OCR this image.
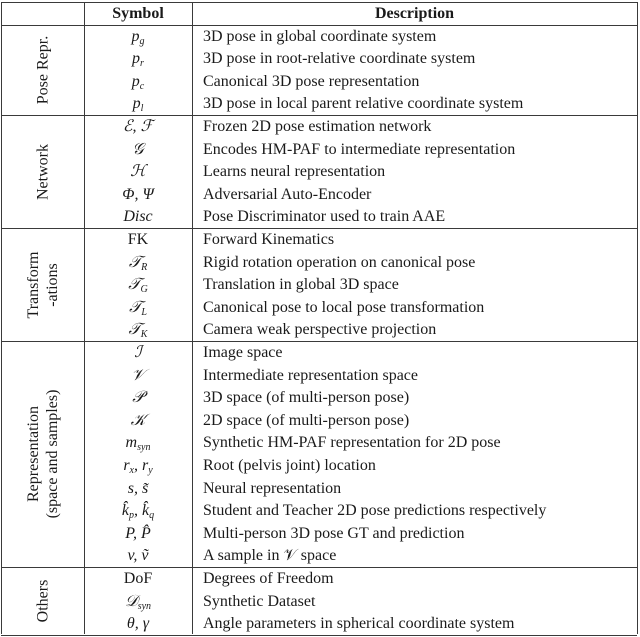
Symbol	Description
Pose Repr.	$p_g$	3D pose in global coordinate system
$p_r$	3D pose in root-relative coordinate system
$p_c$	Canonical 3D pose representation
$p_l$	3D pose in local parent relative coordinate system
Network
ℰ, ℱ	Frozen 2D pose estimation network
𝒢	Encodes HM-PAF to intermediate representation
ℋ	Learns neural representation
Φ, Ψ	Adversarial Auto-Encoder
Disc	Pose Discriminator used to train AAE
Transform -ations
FK	Forward Kinematics
𝒯$_R$	Rigid rotation operation on canonical pose
𝒯$_G$	Translation in global 3D space
𝒯$_L$	Canonical pose to local pose transformation
𝒯$_K$	Camera weak perspective projection
Representation (space and samples)
ℐ	Image space
𝒱	Intermediate representation space
𝒫	3D space (of multi-person pose)
𝒦	2D space (of multi-person pose)
$m_{syn}$	Synthetic HM-PAF representation for 2D pose
$r_x$, $r_y$	Root (pelvis joint) location
s, s̃	Neural representation
$k̂_p$, $k̂_q$	Student and Teacher 2D pose predictions respectively
P, P̂	Multi-person 3D pose GT and prediction
v, ṽ	A sample in 𝒱 space
Others
DoF	Degrees of Freedom
𝒟$_{syn}$	Synthetic Dataset
θ, γ	Angle parameters in spherical coordinate system
